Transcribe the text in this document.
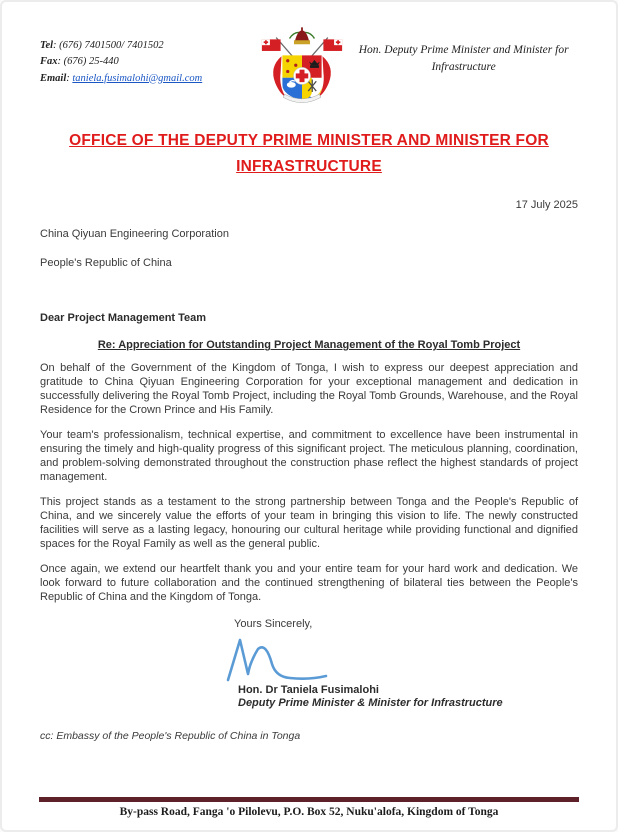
Tel: (676) 7401500/ 7401502
Fax: (676) 25-440
Email: taniela.fusimalohi@gmail.com
Hon. Deputy Prime Minister and Minister for Infrastructure
OFFICE OF THE DEPUTY PRIME MINISTER AND MINISTER FOR INFRASTRUCTURE
17 July 2025
China Qiyuan Engineering Corporation
People's Republic of China
Dear Project Management Team
Re: Appreciation for Outstanding Project Management of the Royal Tomb Project

On behalf of the Government of the Kingdom of Tonga, I wish to express our deepest appreciation and gratitude to China Qiyuan Engineering Corporation for your exceptional management and dedication in successfully delivering the Royal Tomb Project, including the Royal Tomb Grounds, Warehouse, and the Royal Residence for the Crown Prince and His Family.

Your team's professionalism, technical expertise, and commitment to excellence have been instrumental in ensuring the timely and high-quality progress of this significant project. The meticulous planning, coordination, and problem-solving demonstrated throughout the construction phase reflect the highest standards of project management.

This project stands as a testament to the strong partnership between Tonga and the People's Republic of China, and we sincerely value the efforts of your team in bringing this vision to life. The newly constructed facilities will serve as a lasting legacy, honouring our cultural heritage while providing functional and dignified spaces for the Royal Family as well as the general public.

Once again, we extend our heartfelt thank you and your entire team for your hard work and dedication. We look forward to future collaboration and the continued strengthening of bilateral ties between the People's Republic of China and the Kingdom of Tonga.

Yours Sincerely,
Hon. Dr Taniela Fusimalohi
Deputy Prime Minister & Minister for Infrastructure
cc: Embassy of the People's Republic of China in Tonga
By-pass Road, Fanga 'o Pilolevu, P.O. Box 52, Nuku'alofa, Kingdom of Tonga
